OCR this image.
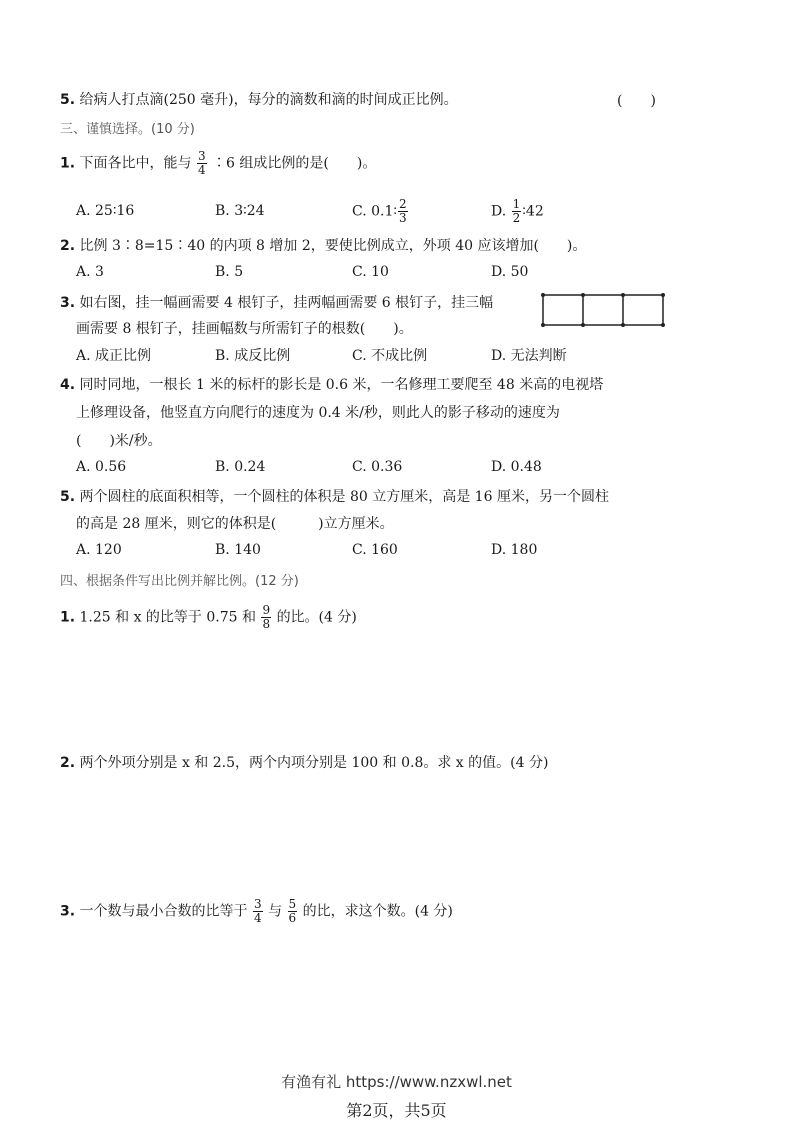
5. 给病人打点滴(250 毫升)，每分的滴数和滴的时间成正比例。	(　　)
三、谨慎选择。(10 分)
1. 下面各比中，能与 $\frac{3}{4}$ ∶6 组成比例的是(　　)。
A. 25∶16	B. 3∶24	C. 0.1∶ $\frac{2}{3}$	D. $\frac{1}{2}$ ∶42
2. 比例 3∶8=15∶40 的内项 8 增加 2，要使比例成立，外项 40 应该增加(　　)。
A. 3	B. 5	C. 10	D. 50
3. 如右图，挂一幅画需要 4 根钉子，挂两幅画需要 6 根钉子，挂三幅
画需要 8 根钉子，挂画幅数与所需钉子的根数(　　)。
A. 成正比例	B. 成反比例	C. 不成比例	D. 无法判断
4. 同时同地，一根长 1 米的标杆的影长是 0.6 米，一名修理工要爬至 48 米高的电视塔
上修理设备，他竖直方向爬行的速度为 0.4 米/秒，则此人的影子移动的速度为
(　　)米/秒。
A. 0.56	B. 0.24	C. 0.36	D. 0.48
5. 两个圆柱的底面积相等，一个圆柱的体积是 80 立方厘米，高是 16 厘米，另一个圆柱
的高是 28 厘米，则它的体积是(　　　)立方厘米。
A. 120	B. 140	C. 160	D. 180
四、根据条件写出比例并解比例。(12 分)
1. 1.25 和 x 的比等于 0.75 和 $\frac{9}{8}$ 的比。(4 分)
2. 两个外项分别是 x 和 2.5，两个内项分别是 100 和 0.8。求 x 的值。(4 分)
3. 一个数与最小合数的比等于 $\frac{3}{4}$ 与 $\frac{5}{6}$ 的比，求这个数。(4 分)
有渔有礼 https://www.nzxwl.net
第2页，共5页
